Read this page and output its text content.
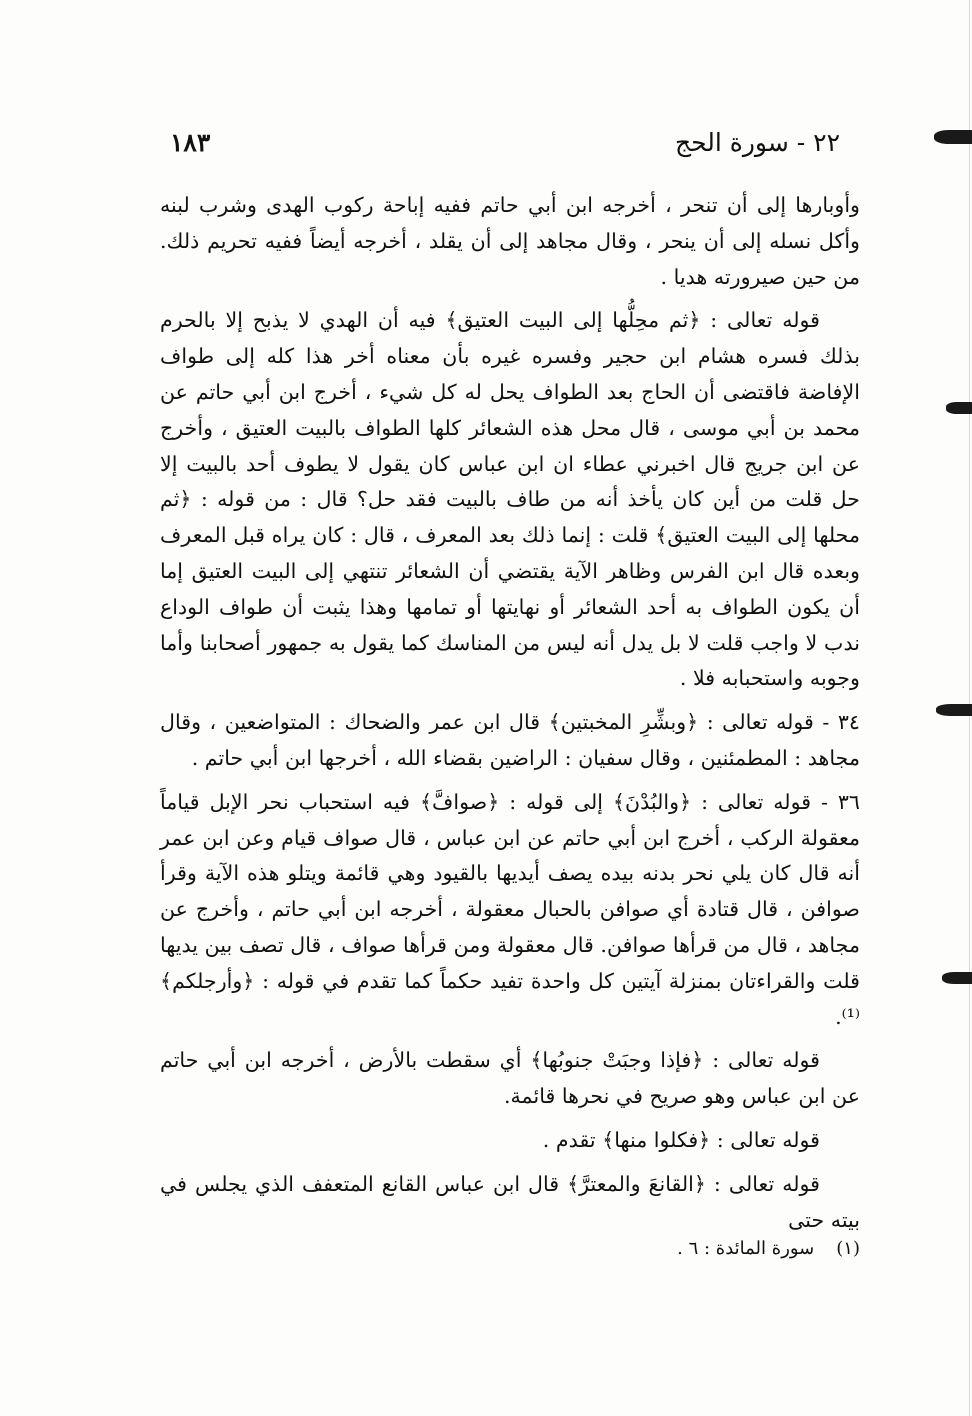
٢٢ - سورة الحج
١٨٣

وأوبارها إلى أن تنحر ، أخرجه ابن أبي حاتم ففيه إباحة ركوب الهدى وشرب لبنه وأكل نسله إلى أن ينحر ، وقال مجاهد إلى أن يقلد ، أخرجه أيضاً ففيه تحريم ذلك. من حين صيرورته هديا .

قوله تعالى : ﴿ثم محِلُّها إلى البيت العتيق﴾ فيه أن الهدي لا يذبح إلا بالحرم بذلك فسره هشام ابن حجير وفسره غيره بأن معناه أخر هذا كله إلى طواف الإفاضة فاقتضى أن الحاج بعد الطواف يحل له كل شيء ، أخرج ابن أبي حاتم عن محمد بن أبي موسى ، قال محل هذه الشعائر كلها الطواف بالبيت العتيق ، وأخرج عن ابن جريج قال اخبرني عطاء ان ابن عباس كان يقول لا يطوف أحد بالبيت إلا حل قلت من أين كان يأخذ أنه من طاف بالبيت فقد حل؟ قال : من قوله : ﴿ثم محلها إلى البيت العتيق﴾ قلت : إنما ذلك بعد المعرف ، قال : كان يراه قبل المعرف وبعده قال ابن الفرس وظاهر الآية يقتضي أن الشعائر تنتهي إلى البيت العتيق إما أن يكون الطواف به أحد الشعائر أو نهايتها أو تمامها وهذا يثبت أن طواف الوداع ندب لا واجب قلت لا بل يدل أنه ليس من المناسك كما يقول به جمهور أصحابنا وأما وجوبه واستحبابه فلا .

٣٤ - قوله تعالى : ﴿وبشِّرِ المخبتين﴾ قال ابن عمر والضحاك : المتواضعين ، وقال مجاهد : المطمئنين ، وقال سفيان : الراضين بقضاء الله ، أخرجها ابن أبي حاتم .

٣٦ - قوله تعالى : ﴿والبُدْنَ﴾ إلى قوله : ﴿صوافَّ﴾ فيه استحباب نحر الإبل قياماً معقولة الركب ، أخرج ابن أبي حاتم عن ابن عباس ، قال صواف قيام وعن ابن عمر أنه قال كان يلي نحر بدنه بيده يصف أيديها بالقيود وهي قائمة ويتلو هذه الآية وقرأ صوافن ، قال قتادة أي صوافن بالحبال معقولة ، أخرجه ابن أبي حاتم ، وأخرج عن مجاهد ، قال من قرأها صوافن. قال معقولة ومن قرأها صواف ، قال تصف بين يديها قلت والقراءتان بمنزلة آيتين كل واحدة تفيد حكماً كما تقدم في قوله : ﴿وأرجلكم﴾⁽¹⁾.

قوله تعالى : ﴿فإذا وجبَتْ جنوبُها﴾ أي سقطت بالأرض ، أخرجه ابن أبي حاتم عن ابن عباس وهو صريح في نحرها قائمة.

قوله تعالى : ﴿فكلوا منها﴾ تقدم .

قوله تعالى : ﴿القانعَ والمعترَّ﴾ قال ابن عباس القانع المتعفف الذي يجلس في بيته حتى

(١)سورة المائدة : ٦ .
